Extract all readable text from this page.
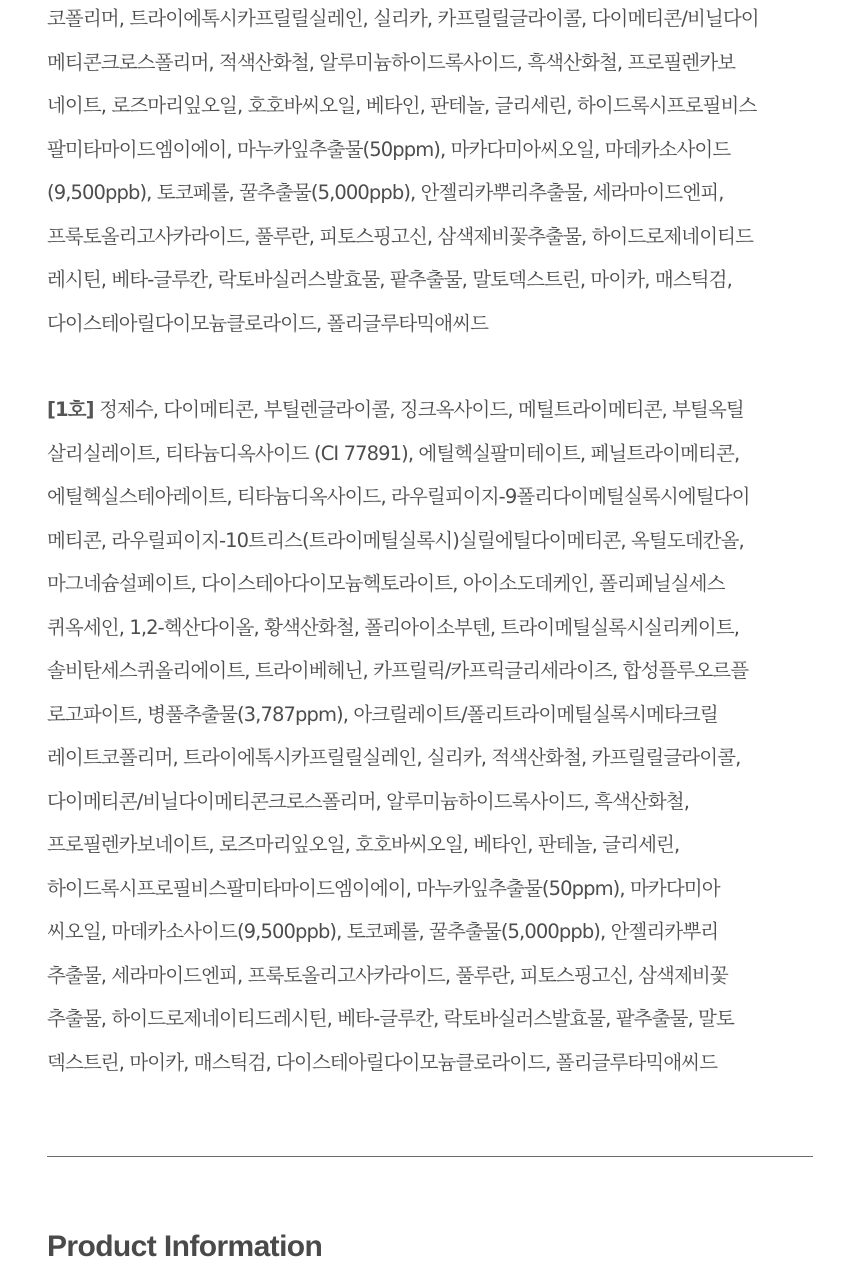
코폴리머, 트라이에톡시카프릴릴실레인, 실리카, 카프릴릴글라이콜, 다이메티콘/비닐다이
메티콘크로스폴리머, 적색산화철, 알루미늄하이드록사이드, 흑색산화철, 프로필렌카보
네이트, 로즈마리잎오일, 호호바씨오일, 베타인, 판테놀, 글리세린, 하이드록시프로필비스
팔미타마이드엠이에이, 마누카잎추출물(50ppm), 마카다미아씨오일, 마데카소사이드
(9,500ppb), 토코페롤, 꿀추출물(5,000ppb), 안젤리카뿌리추출물, 세라마이드엔피,
프룩토올리고사카라이드, 풀루란, 피토스핑고신, 삼색제비꽃추출물, 하이드로제네이티드
레시틴, 베타-글루칸, 락토바실러스발효물, 팥추출물, 말토덱스트린, 마이카, 매스틱검,
다이스테아릴다이모늄클로라이드, 폴리글루타믹애씨드
[1호] 정제수, 다이메티콘, 부틸렌글라이콜, 징크옥사이드, 메틸트라이메티콘, 부틸옥틸
살리실레이트, 티타늄디옥사이드 (CI 77891), 에틸헥실팔미테이트, 페닐트라이메티콘,
에틸헥실스테아레이트, 티타늄디옥사이드, 라우릴피이지-9폴리다이메틸실록시에틸다이
메티콘, 라우릴피이지-10트리스(트라이메틸실록시)실릴에틸다이메티콘, 옥틸도데칸올,
마그네슘설페이트, 다이스테아다이모늄헥토라이트, 아이소도데케인, 폴리페닐실세스
퀴옥세인, 1,2-헥산다이올, 황색산화철, 폴리아이소부텐, 트라이메틸실록시실리케이트,
솔비탄세스퀴올리에이트, 트라이베헤닌, 카프릴릭/카프릭글리세라이즈, 합성플루오르플
로고파이트, 병풀추출물(3,787ppm), 아크릴레이트/폴리트라이메틸실록시메타크릴
레이트코폴리머, 트라이에톡시카프릴릴실레인, 실리카, 적색산화철, 카프릴릴글라이콜,
다이메티콘/비닐다이메티콘크로스폴리머, 알루미늄하이드록사이드, 흑색산화철,
프로필렌카보네이트, 로즈마리잎오일, 호호바씨오일, 베타인, 판테놀, 글리세린,
하이드록시프로필비스팔미타마이드엠이에이, 마누카잎추출물(50ppm), 마카다미아
씨오일, 마데카소사이드(9,500ppb), 토코페롤, 꿀추출물(5,000ppb), 안젤리카뿌리
추출물, 세라마이드엔피, 프룩토올리고사카라이드, 풀루란, 피토스핑고신, 삼색제비꽃
추출물, 하이드로제네이티드레시틴, 베타-글루칸, 락토바실러스발효물, 팥추출물, 말토
덱스트린, 마이카, 매스틱검, 다이스테아릴다이모늄클로라이드, 폴리글루타믹애씨드
Product Information
